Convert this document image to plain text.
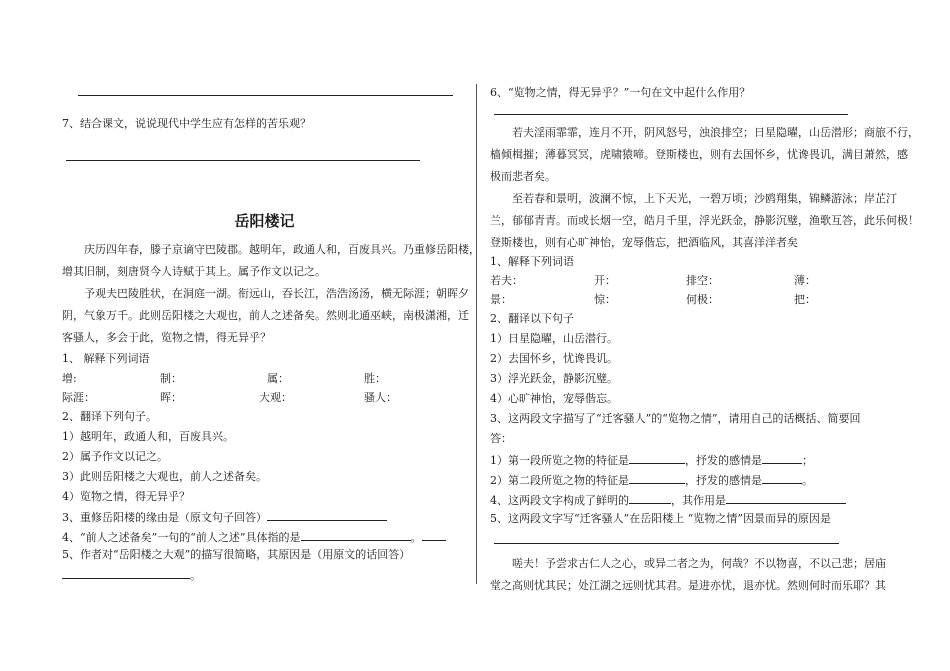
7、结合课文，说说现代中学生应有怎样的苦乐观？
岳阳楼记
庆历四年春，滕子京谪守巴陵郡。越明年，政通人和，百废具兴。乃重修岳阳楼，
增其旧制，刻唐贤今人诗赋于其上。属予作文以记之。
予观夫巴陵胜状，在洞庭一湖。衔远山，吞长江，浩浩汤汤，横无际涯；朝晖夕
阴，气象万千。此则岳阳楼之大观也，前人之述备矣。然则北通巫峡，南极潇湘，迁
客骚人，多会于此，览物之情，得无异乎？
1、 解释下列词语
增:	制：	属：	胜：
际涯：	晖：	大观：	骚人：
2、翻译下列句子。
1）越明年，政通人和，百废具兴。
2）属予作文以记之。
3）此则岳阳楼之大观也，前人之述备矣。
4）览物之情，得无异乎？
3、重修岳阳楼的缘由是（原文句子回答）
4、“前人之述备矣”一句的“前人之述”具体指的是	。
5、作者对“岳阳楼之大观”的描写很简略，其原因是（用原文的话回答）
。
6、“览物之情，得无异乎？”一句在文中起什么作用？
若夫淫雨霏霏，连月不开，阴风怒号，浊浪排空；日星隐曜，山岳潜形；商旅不行，
樯倾楫摧；薄暮冥冥，虎啸猿啼。登斯楼也，则有去国怀乡，忧谗畏讥，满目萧然，感
极而悲者矣。
至若春和景明，波澜不惊，上下天光，一碧万顷；沙鸥翔集，锦鳞游泳；岸芷汀
兰，郁郁青青。而或长烟一空，皓月千里，浮光跃金，静影沉璧，渔歌互答，此乐何极！
登斯楼也，则有心旷神怡，宠辱偕忘，把酒临风，其喜洋洋者矣
1、解释下列词语
若夫：	开：	排空：	薄：
景：	惊：	何极：	把：
2、翻译以下句子
1）日星隐曜，山岳潜行。
2）去国怀乡，忧谗畏讥。
3）浮光跃金，静影沉璧。
4）心旷神怡，宠辱偕忘。
3、这两段文字描写了“迁客骚人”的“览物之情”，请用自己的话概括、简要回
答：
1）第一段所览之物的特征是	，抒发的感情是	；
2）第二段所览之物的特征是	，抒发的感情是	。
4、这两段文字构成了鲜明的	，其作用是
5、这两段文字写“迁客骚人”在岳阳楼上 “览物之情”因景而异的原因是
嗟夫！予尝求古仁人之心，或异二者之为，何哉？不以物喜，不以己悲；居庙
堂之高则忧其民；处江湖之远则忧其君。是进亦忧，退亦忧。然则何时而乐耶？其
